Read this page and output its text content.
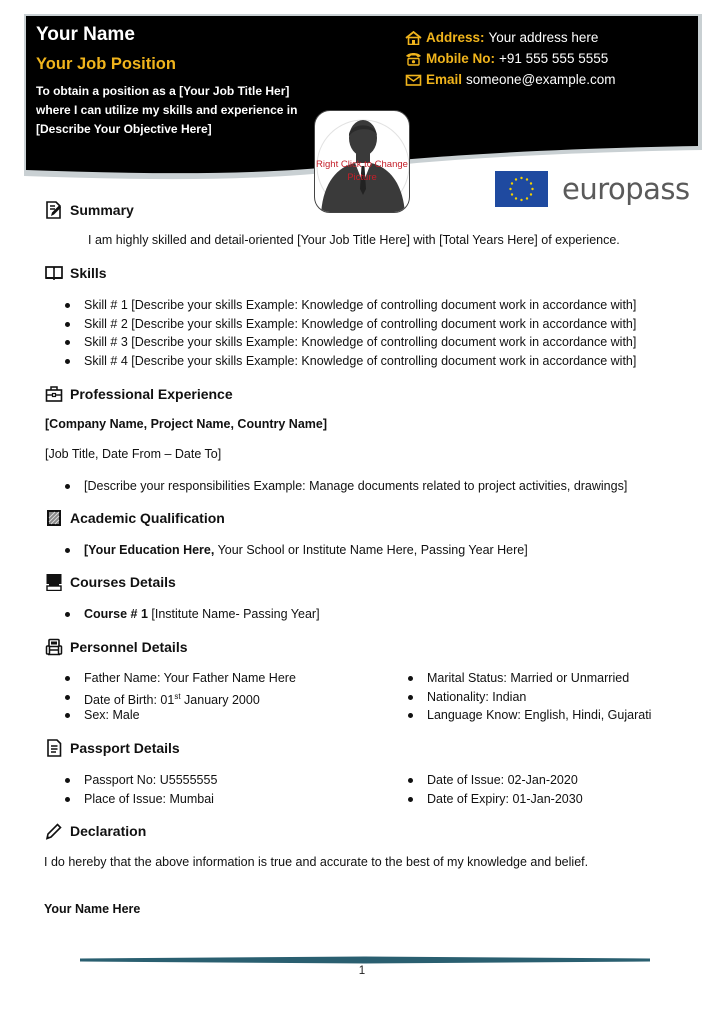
Your Name
Your Job Position
To obtain a position as a [Your Job Title Her] where I can utilize my skills and experience in [Describe Your Objective Here]
Address: Your address here
Mobile No: +91 555 555 5555
Email someone@example.com
Right Click to Change Picture	europass
Summary
I am highly skilled and detail-oriented [Your Job Title Here] with [Total Years Here] of experience.
Skills
Skill # 1 [Describe your skills Example: Knowledge of controlling document work in accordance with]
Skill # 2 [Describe your skills Example: Knowledge of controlling document work in accordance with]
Skill # 3 [Describe your skills Example: Knowledge of controlling document work in accordance with]
Skill # 4 [Describe your skills Example: Knowledge of controlling document work in accordance with]
Professional Experience
[Company Name, Project Name, Country Name]
[Job Title, Date From – Date To]
[Describe your responsibilities Example: Manage documents related to project activities, drawings]
Academic Qualification
[Your Education Here, Your School or Institute Name Here, Passing Year Here]
Courses Details
Course # 1 [Institute Name- Passing Year]
Personnel Details
Father Name: Your Father Name Here
Date of Birth: 01st January 2000
Sex: Male
Marital Status: Married or Unmarried
Nationality: Indian
Language Know: English, Hindi, Gujarati
Passport Details
Passport No: U5555555
Place of Issue: Mumbai
Date of Issue: 02-Jan-2020
Date of Expiry: 01-Jan-2030
Declaration
I do hereby that the above information is true and accurate to the best of my knowledge and belief.
Your Name Here
1
